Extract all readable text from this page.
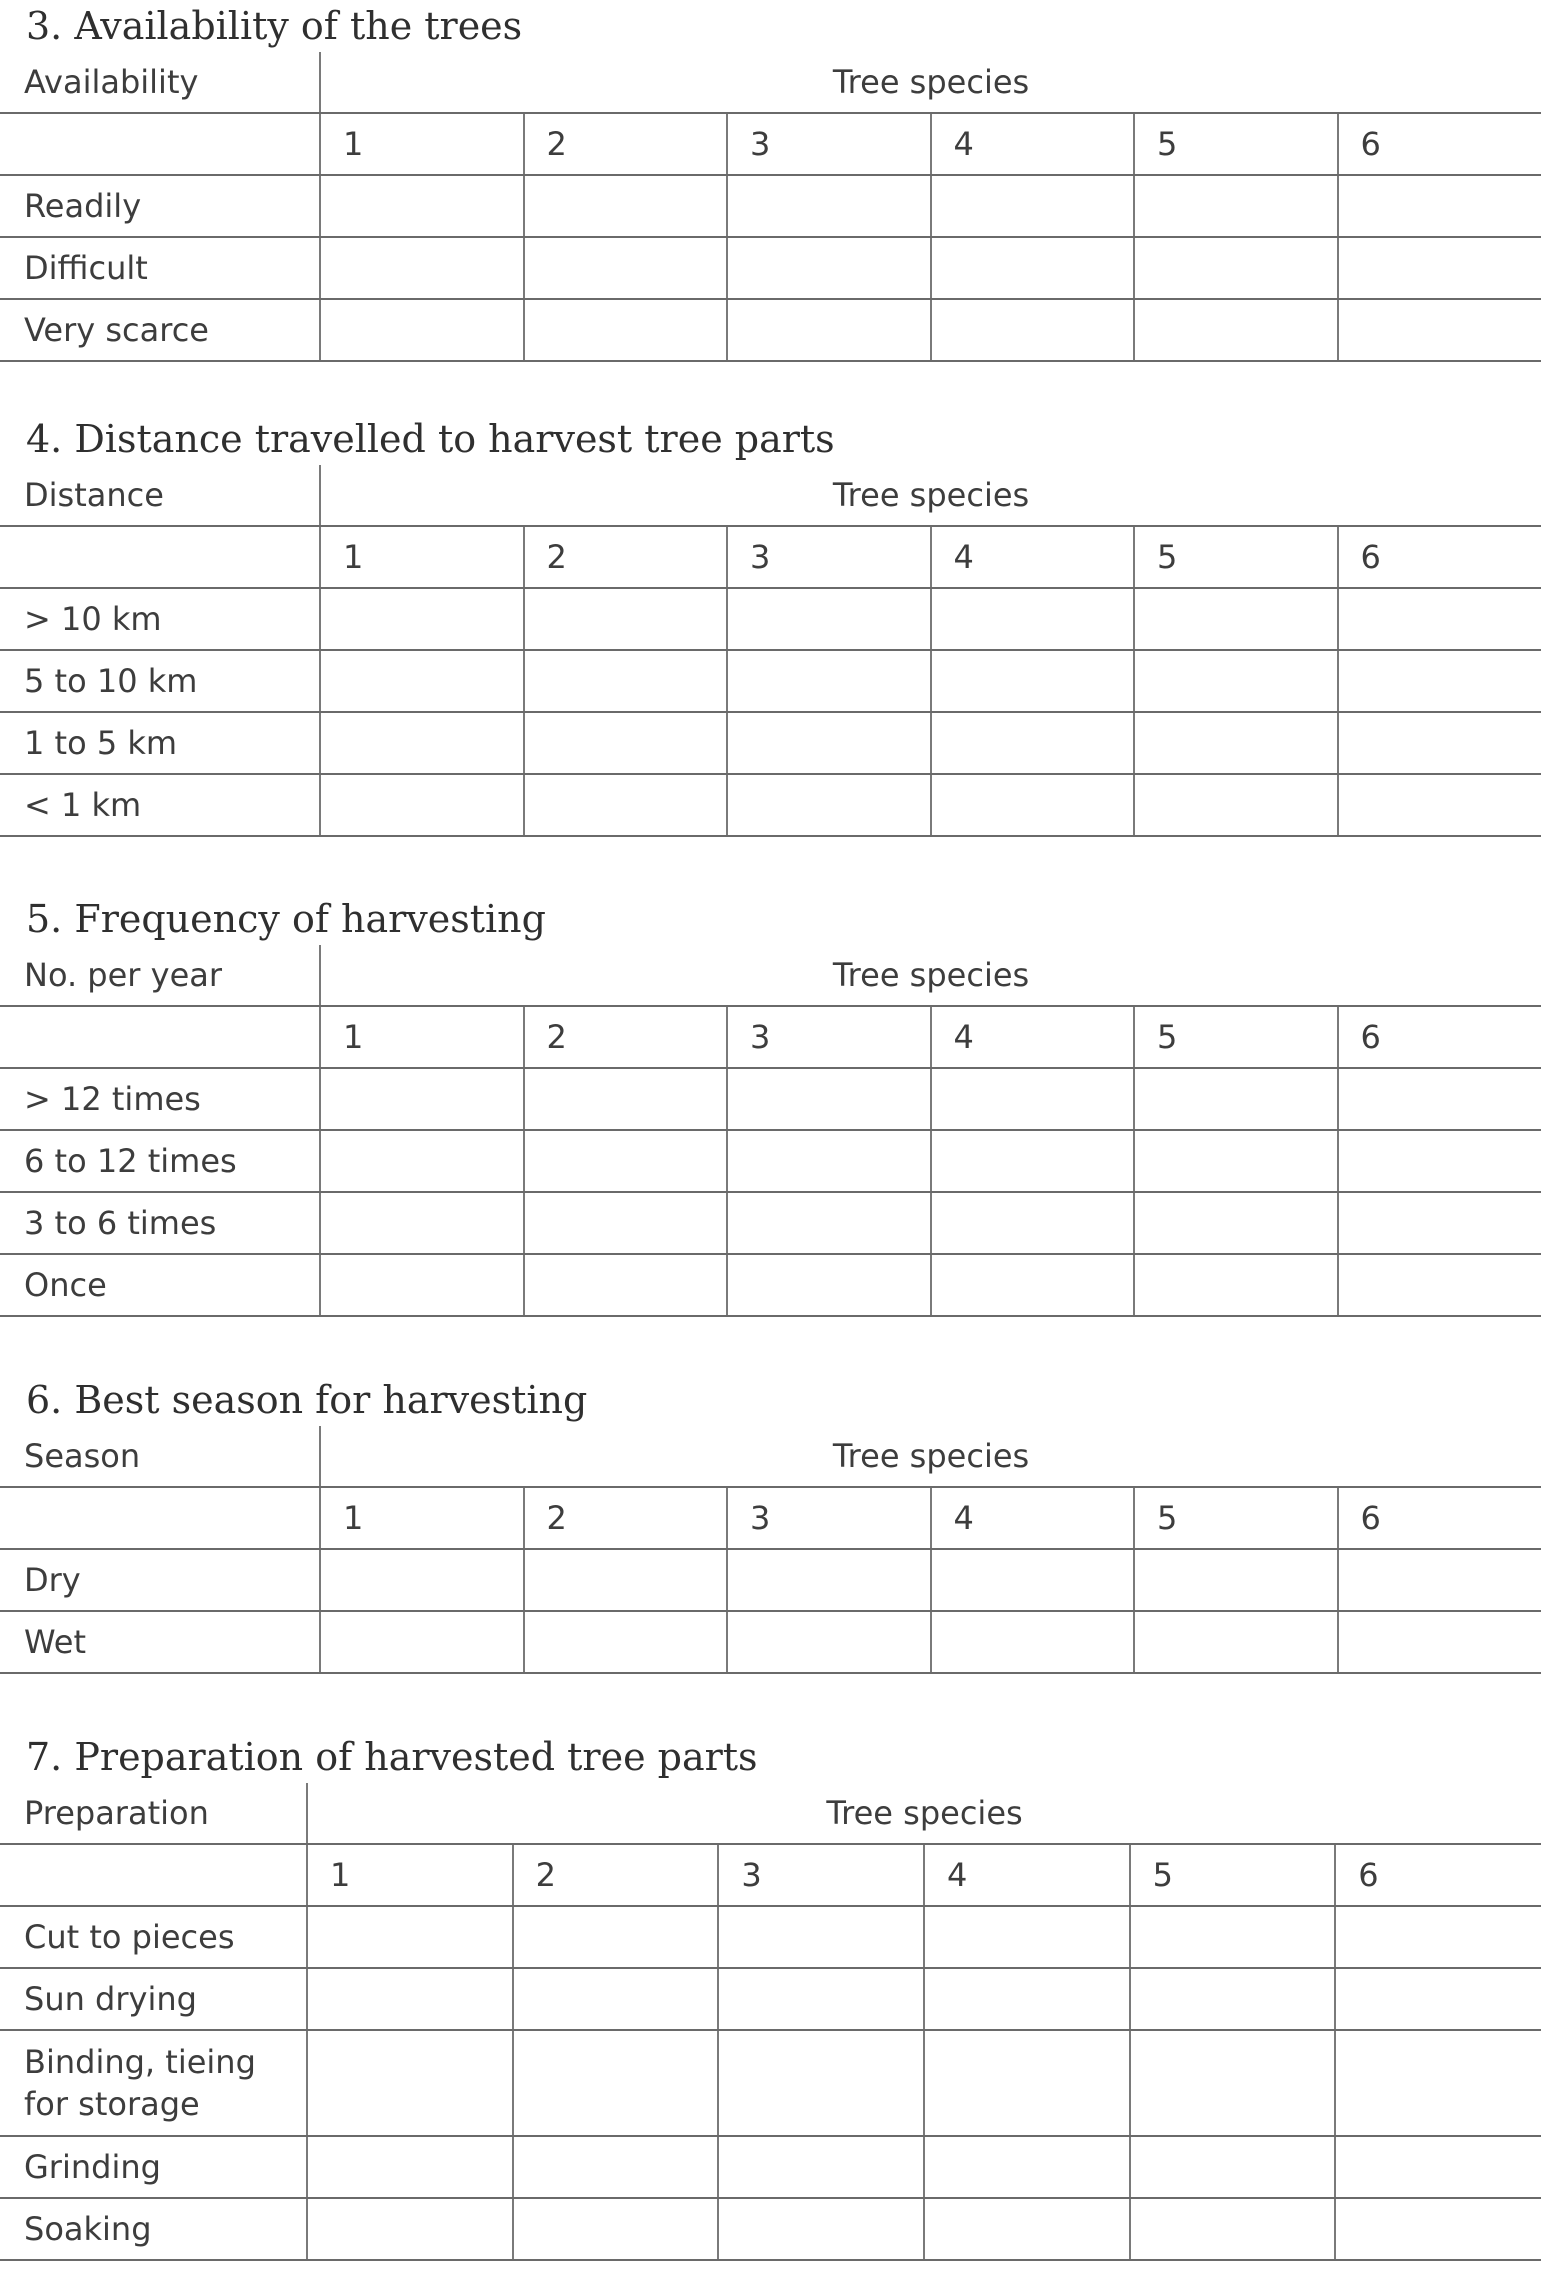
3. Availability of the trees
Availability	Tree species					
	1	2	3	4	5	6
Readily						
Difficult						
Very scarce						
4. Distance travelled to harvest tree parts
Distance	Tree species					
	1	2	3	4	5	6
> 10 km						
5 to 10 km						
1 to 5 km						
< 1 km						
5. Frequency of harvesting
No. per year	Tree species					
	1	2	3	4	5	6
> 12 times						
6 to 12 times						
3 to 6 times						
Once						
6. Best season for harvesting
Season	Tree species					
	1	2	3	4	5	6
Dry						
Wet						
7. Preparation of harvested tree parts
Preparation	Tree species					
	1	2	3	4	5	6
Cut to pieces						
Sun drying						
Binding, tieing for storage						
Grinding						
Soaking						
